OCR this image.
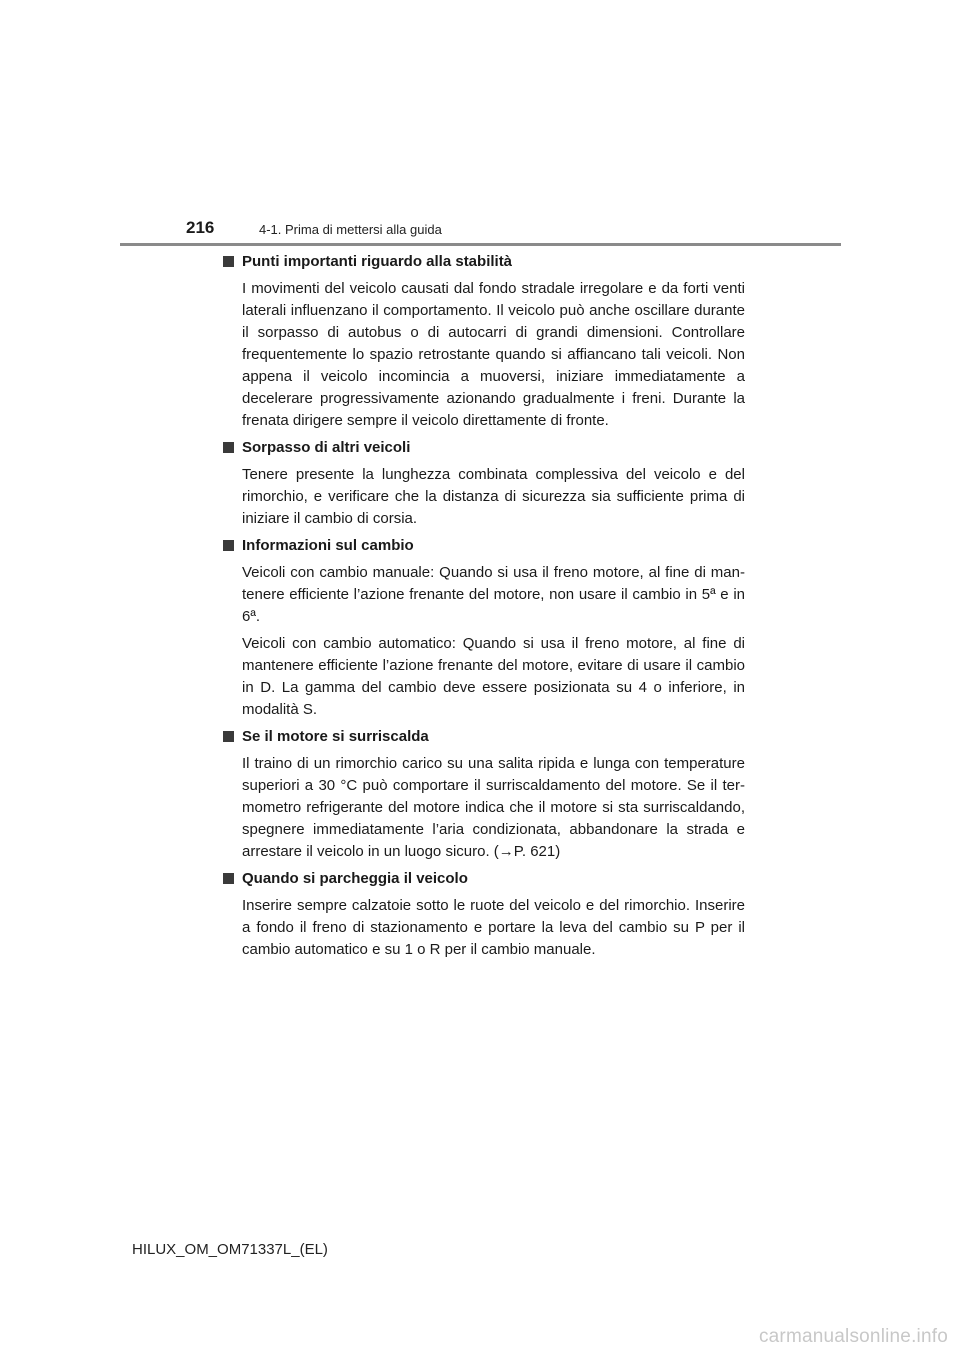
216	4-1. Prima di mettersi alla guida
Punti importanti riguardo alla stabilità

I movimenti del veicolo causati dal fondo stradale irregolare e da forti venti laterali influenzano il comportamento. Il veicolo può anche oscillare durante il sorpasso di autobus o di autocarri di grandi dimensioni. Controllare frequentemente lo spazio retrostante quando si affiancano tali veicoli. Non appena il veicolo incomincia a muoversi, iniziare immediatamente a decelerare progressivamente azionando gradualmente i freni. Durante la frenata dirigere sempre il veicolo direttamente di fronte.

Sorpasso di altri veicoli

Tenere presente la lunghezza combinata complessiva del veicolo e del rimorchio, e verificare che la distanza di sicurezza sia sufficiente prima di iniziare il cambio di corsia.

Informazioni sul cambio

Veicoli con cambio manuale: Quando si usa il freno motore, al fine di mantenere efficiente l’azione frenante del motore, non usare il cambio in 5ª e in 6ª.

Veicoli con cambio automatico: Quando si usa il freno motore, al fine di mantenere efficiente l’azione frenante del motore, evitare di usare il cambio in D. La gamma del cambio deve essere posizionata su 4 o inferiore, in modalità S.

Se il motore si surriscalda

Il traino di un rimorchio carico su una salita ripida e lunga con temperature superiori a 30 °C può comportare il surriscaldamento del motore. Se il termometro refrigerante del motore indica che il motore si sta surriscaldando, spegnere immediatamente l’aria condizionata, abbandonare la strada e arrestare il veicolo in un luogo sicuro. (→P. 621)

Quando si parcheggia il veicolo

Inserire sempre calzatoie sotto le ruote del veicolo e del rimorchio. Inserire a fondo il freno di stazionamento e portare la leva del cambio su P per il cambio automatico e su 1 o R per il cambio manuale.

HILUX_OM_OM71337L_(EL)
carmanualsonline.info
